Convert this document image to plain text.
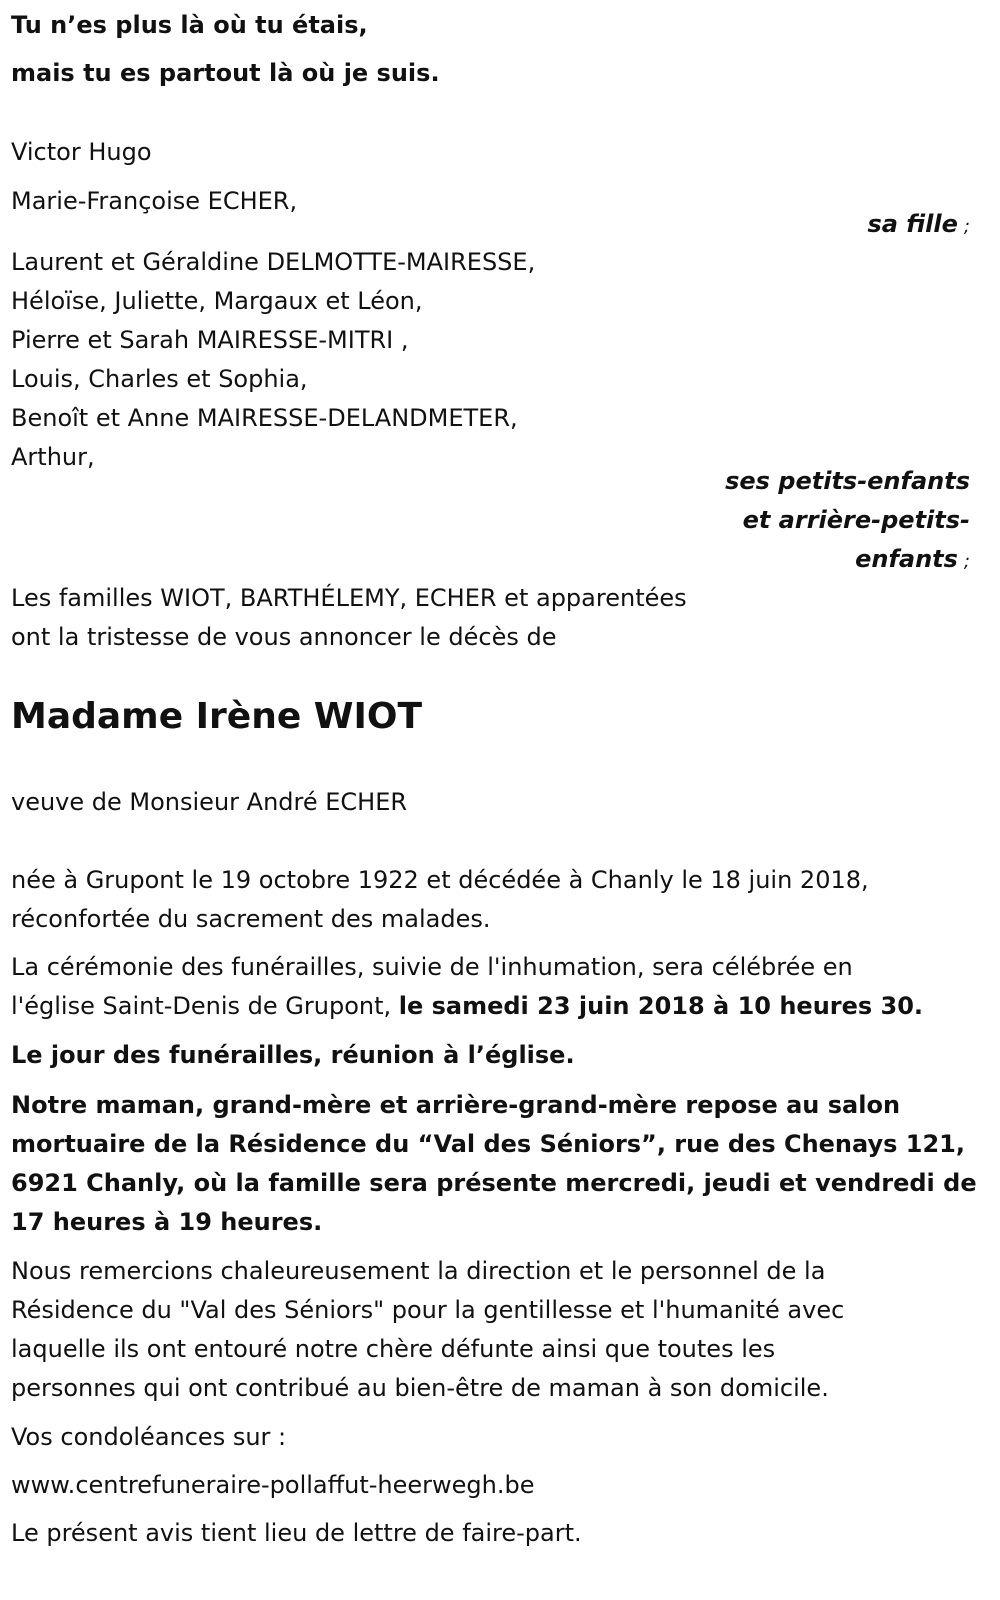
Tu n’es plus là où tu étais,
mais tu es partout là où je suis.
Victor Hugo
Marie-Françoise ECHER,
sa fille ;
Laurent et Géraldine DELMOTTE-MAIRESSE,
Héloïse, Juliette, Margaux et Léon,
Pierre et Sarah MAIRESSE-MITRI ,
Louis, Charles et Sophia,
Benoît et Anne MAIRESSE-DELANDMETER,
Arthur,
ses petits-enfants
et arrière-petits-
enfants ;
Les familles WIOT, BARTHÉLEMY, ECHER et apparentées
ont la tristesse de vous annoncer le décès de
Madame Irène WIOT
veuve de Monsieur André ECHER
née à Grupont le 19 octobre 1922 et décédée à Chanly le 18 juin 2018,
réconfortée du sacrement des malades.
La cérémonie des funérailles, suivie de l'inhumation, sera célébrée en
l'église Saint-Denis de Grupont, le samedi 23 juin 2018 à 10 heures 30.
Le jour des funérailles, réunion à l’église.
Notre maman, grand-mère et arrière-grand-mère repose au salon
mortuaire de la Résidence du “Val des Séniors”, rue des Chenays 121,
6921 Chanly, où la famille sera présente mercredi, jeudi et vendredi de
17 heures à 19 heures.
Nous remercions chaleureusement la direction et le personnel de la
Résidence du "Val des Séniors" pour la gentillesse et l'humanité avec
laquelle ils ont entouré notre chère défunte ainsi que toutes les
personnes qui ont contribué au bien-être de maman à son domicile.
Vos condoléances sur :
www.centrefuneraire-pollaffut-heerwegh.be
Le présent avis tient lieu de lettre de faire-part.
